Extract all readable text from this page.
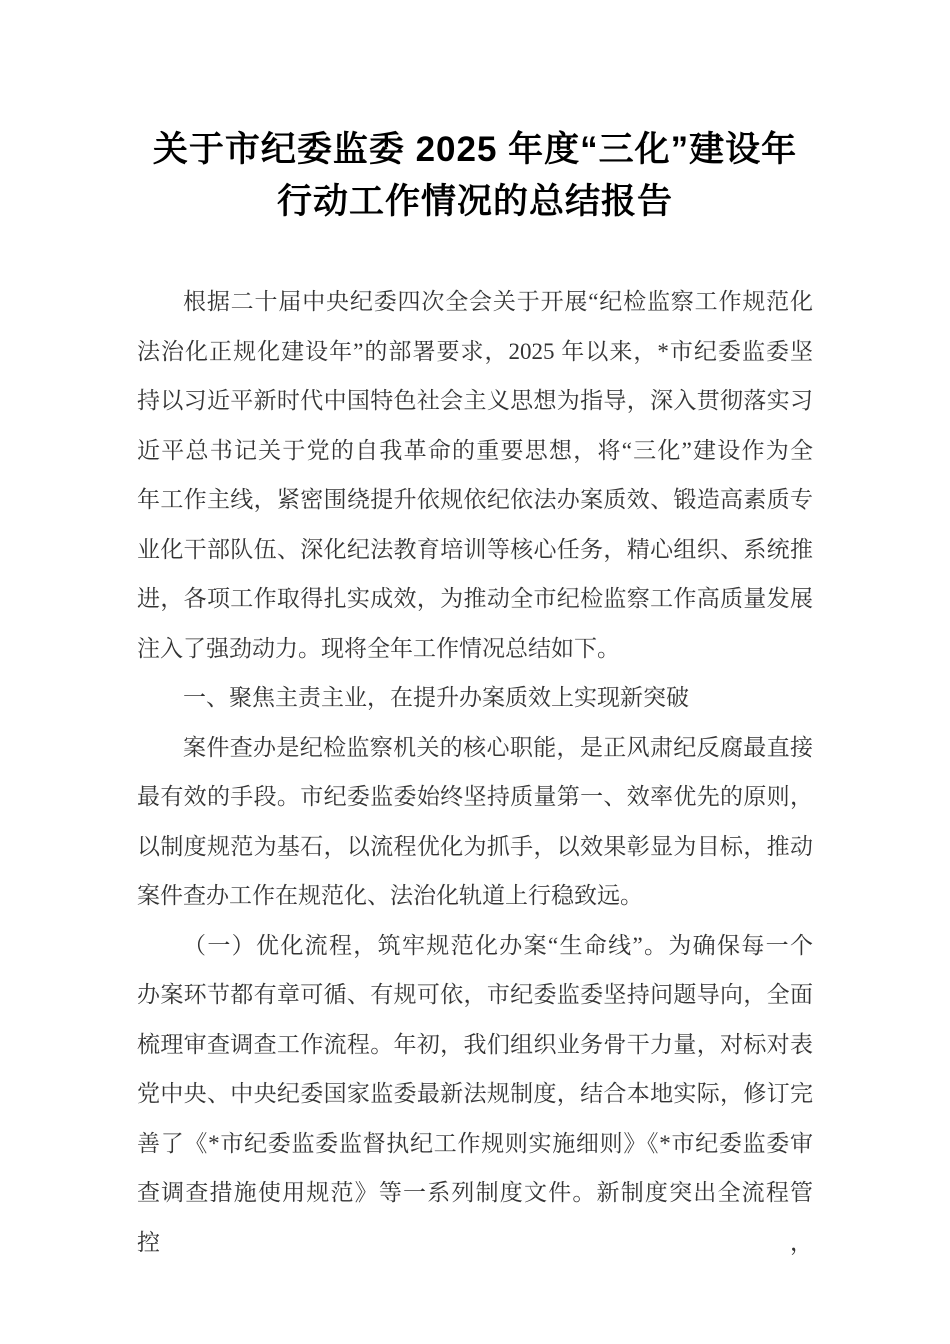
关于市纪委监委 2025 年度“三化”建设年
行动工作情况的总结报告
根据二十届中央纪委四次全会关于开展“纪检监察工作规范化
法治化正规化建设年”的部署要求，2025 年以来，*市纪委监委坚
持以习近平新时代中国特色社会主义思想为指导，深入贯彻落实习
近平总书记关于党的自我革命的重要思想，将“三化”建设作为全
年工作主线，紧密围绕提升依规依纪依法办案质效、锻造高素质专
业化干部队伍、深化纪法教育培训等核心任务，精心组织、系统推
进，各项工作取得扎实成效，为推动全市纪检监察工作高质量发展
注入了强劲动力。现将全年工作情况总结如下。
一、聚焦主责主业，在提升办案质效上实现新突破
案件查办是纪检监察机关的核心职能，是正风肃纪反腐最直接
最有效的手段。市纪委监委始终坚持质量第一、效率优先的原则，
以制度规范为基石，以流程优化为抓手，以效果彰显为目标，推动
案件查办工作在规范化、法治化轨道上行稳致远。
（一）优化流程，筑牢规范化办案“生命线”。为确保每一个
办案环节都有章可循、有规可依，市纪委监委坚持问题导向，全面
梳理审查调查工作流程。年初，我们组织业务骨干力量，对标对表
党中央、中央纪委国家监委最新法规制度，结合本地实际，修订完
善了《*市纪委监委监督执纪工作规则实施细则》《*市纪委监委审
查调查措施使用规范》等一系列制度文件。新制度突出全流程管控，
